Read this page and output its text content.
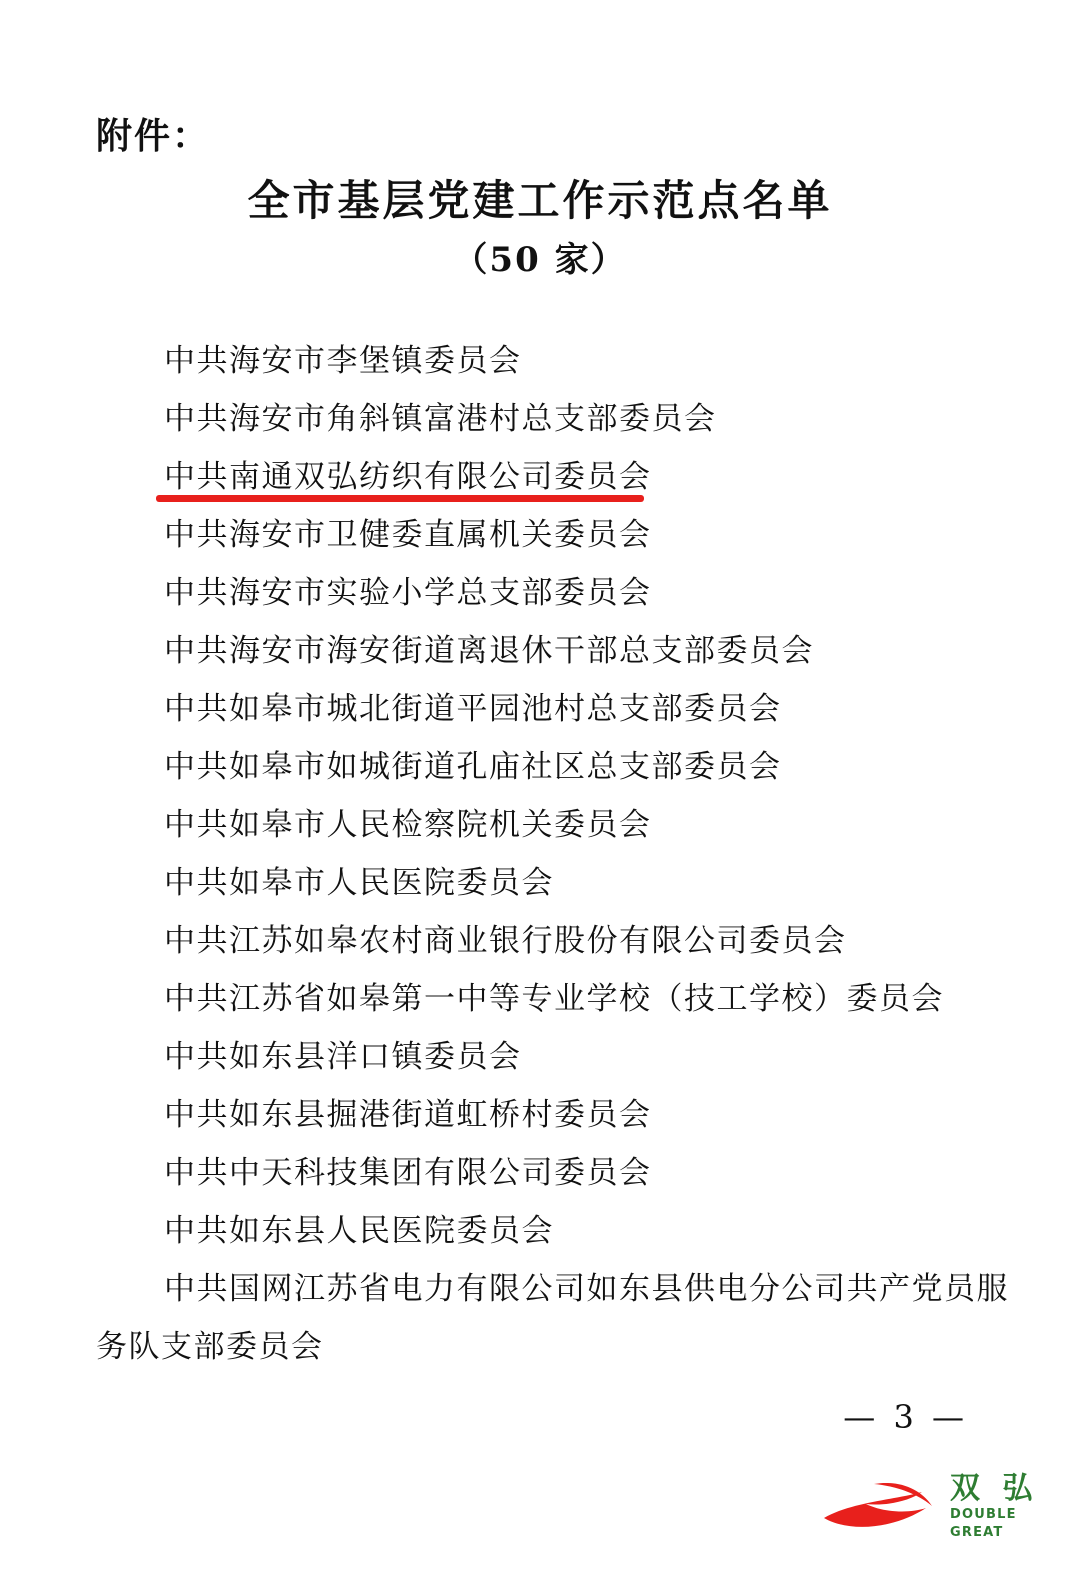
附件：
全市基层党建工作示范点名单
（50 家）
中共海安市李堡镇委员会
中共海安市角斜镇富港村总支部委员会
中共南通双弘纺织有限公司委员会
中共海安市卫健委直属机关委员会
中共海安市实验小学总支部委员会
中共海安市海安街道离退休干部总支部委员会
中共如皋市城北街道平园池村总支部委员会
中共如皋市如城街道孔庙社区总支部委员会
中共如皋市人民检察院机关委员会
中共如皋市人民医院委员会
中共江苏如皋农村商业银行股份有限公司委员会
中共江苏省如皋第一中等专业学校（技工学校）委员会
中共如东县洋口镇委员会
中共如东县掘港街道虹桥村委员会
中共中天科技集团有限公司委员会
中共如东县人民医院委员会
中共国网江苏省电力有限公司如东县供电分公司共产党员服务队支部委员会
— 3 —
双 弘
DOUBLE GREAT
